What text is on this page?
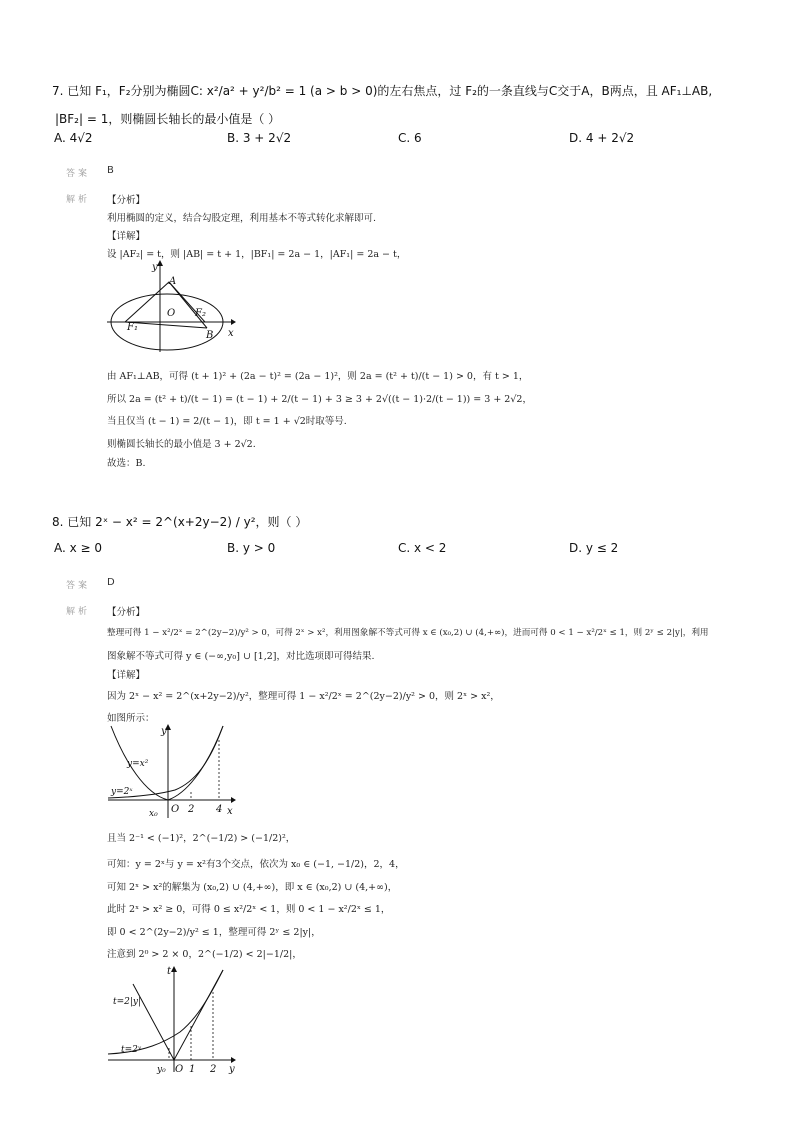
7. 已知 F₁，F₂分别为椭圆C: x²/a² + y²/b² = 1 (a > b > 0)的左右焦点，过 F₂的一条直线与C交于A，B两点，且 AF₁⊥AB,
|BF₂| = 1，则椭圆长轴长的最小值是（ ）
A. 4√2	B. 3 + 2√2	C. 6	D. 4 + 2√2
答案 B
解析 【分析】
利用椭圆的定义，结合勾股定理，利用基本不等式转化求解即可.
【详解】
设 |AF₂| = t，则 |AB| = t + 1，|BF₁| = 2a − 1，|AF₁| = 2a − t，
y
x
A
O F₂
F₁
B
由 AF₁⊥AB，可得 (t + 1)² + (2a − t)² = (2a − 1)²，则 2a = (t² + t)/(t − 1) > 0，有 t > 1，
所以 2a = (t² + t)/(t − 1) = (t − 1) + 2/(t − 1) + 3 ≥ 3 + 2√((t − 1)·2/(t − 1)) = 3 + 2√2，
当且仅当 (t − 1) = 2/(t − 1)，即 t = 1 + √2时取等号.
则椭圆长轴长的最小值是 3 + 2√2.
故选：B.
8. 已知 2ˣ − x² = 2^(x+2y−2) / y²，则（ ）
A. x ≥ 0	B. y > 0	C. x < 2	D. y ≤ 2
答案 D
解析 【分析】
整理可得 1 − x²/2ˣ = 2^(2y−2)/y² > 0，可得 2ˣ > x²，利用图象解不等式可得 x ∈ (x₀,2) ∪ (4,+∞)，进而可得 0 < 1 − x²/2ˣ ≤ 1，则 2ʸ ≤ 2|y|，利用
图象解不等式可得 y ∈ (−∞,y₀] ∪ [1,2]，对比选项即可得结果.
【详解】
因为 2ˣ − x² = 2^(x+2y−2)/y²，整理可得 1 − x²/2ˣ = 2^(2y−2)/y² > 0，则 2ˣ > x²，
如图所示：
y
x
y=x²
y=2ˣ
O 2 4
x₀
且当 2⁻¹ < (−1)²，2^(−1/2) > (−1/2)²，
可知：y = 2ˣ与 y = x²有3个交点，依次为 x₀ ∈ (−1, −1/2)，2，4，
可知 2ˣ > x²的解集为 (x₀,2) ∪ (4,+∞)，即 x ∈ (x₀,2) ∪ (4,+∞)，
此时 2ˣ > x² ≥ 0，可得 0 ≤ x²/2ˣ < 1，则 0 < 1 − x²/2ˣ ≤ 1，
即 0 < 2^(2y−2)/y² ≤ 1，整理可得 2ʸ ≤ 2|y|，
注意到 2⁰ > 2 × 0，2^(−1/2) < 2|−1/2|，
t
y
t=2|y|
t=2ʸ
O 1 2
y₀
